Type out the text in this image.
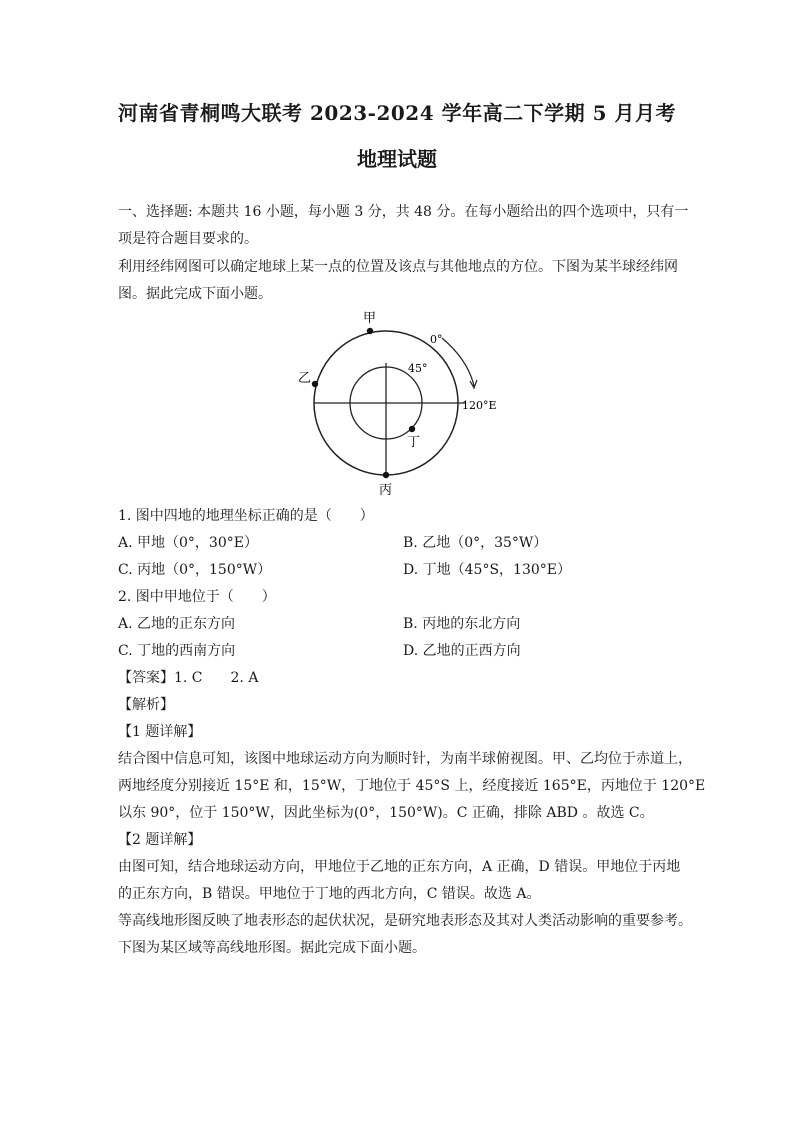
河南省青桐鸣大联考 2023-2024 学年高二下学期 5 月月考
地理试题
一、选择题: 本题共 16 小题，每小题 3 分，共 48 分。在每小题给出的四个选项中，只有一
项是符合题目要求的。
利用经纬网图可以确定地球上某一点的位置及该点与其他地点的方位。下图为某半球经纬网
图。据此完成下面小题。
甲
乙
丙
丁
0°
45°
120°E
1. 图中四地的地理坐标正确的是（　　）
A. 甲地（0°，30°E）	B. 乙地（0°，35°W）
C. 丙地（0°，150°W）	D. 丁地（45°S，130°E）
2. 图中甲地位于（　　）
A. 乙地的正东方向	B. 丙地的东北方向
C. 丁地的西南方向	D. 乙地的正西方向
【答案】1. C　　2. A
【解析】
【1 题详解】
结合图中信息可知，该图中地球运动方向为顺时针，为南半球俯视图。甲、乙均位于赤道上，
两地经度分别接近 15°E 和，15°W，丁地位于 45°S 上，经度接近 165°E，丙地位于 120°E
以东 90°，位于 150°W，因此坐标为(0°，150°W)。C 正确，排除 ABD 。故选 C。
【2 题详解】
由图可知，结合地球运动方向，甲地位于乙地的正东方向，A 正确，D 错误。甲地位于丙地
的正东方向，B 错误。甲地位于丁地的西北方向，C 错误。故选 A。
等高线地形图反映了地表形态的起伏状况，是研究地表形态及其对人类活动影响的重要参考。
下图为某区域等高线地形图。据此完成下面小题。
